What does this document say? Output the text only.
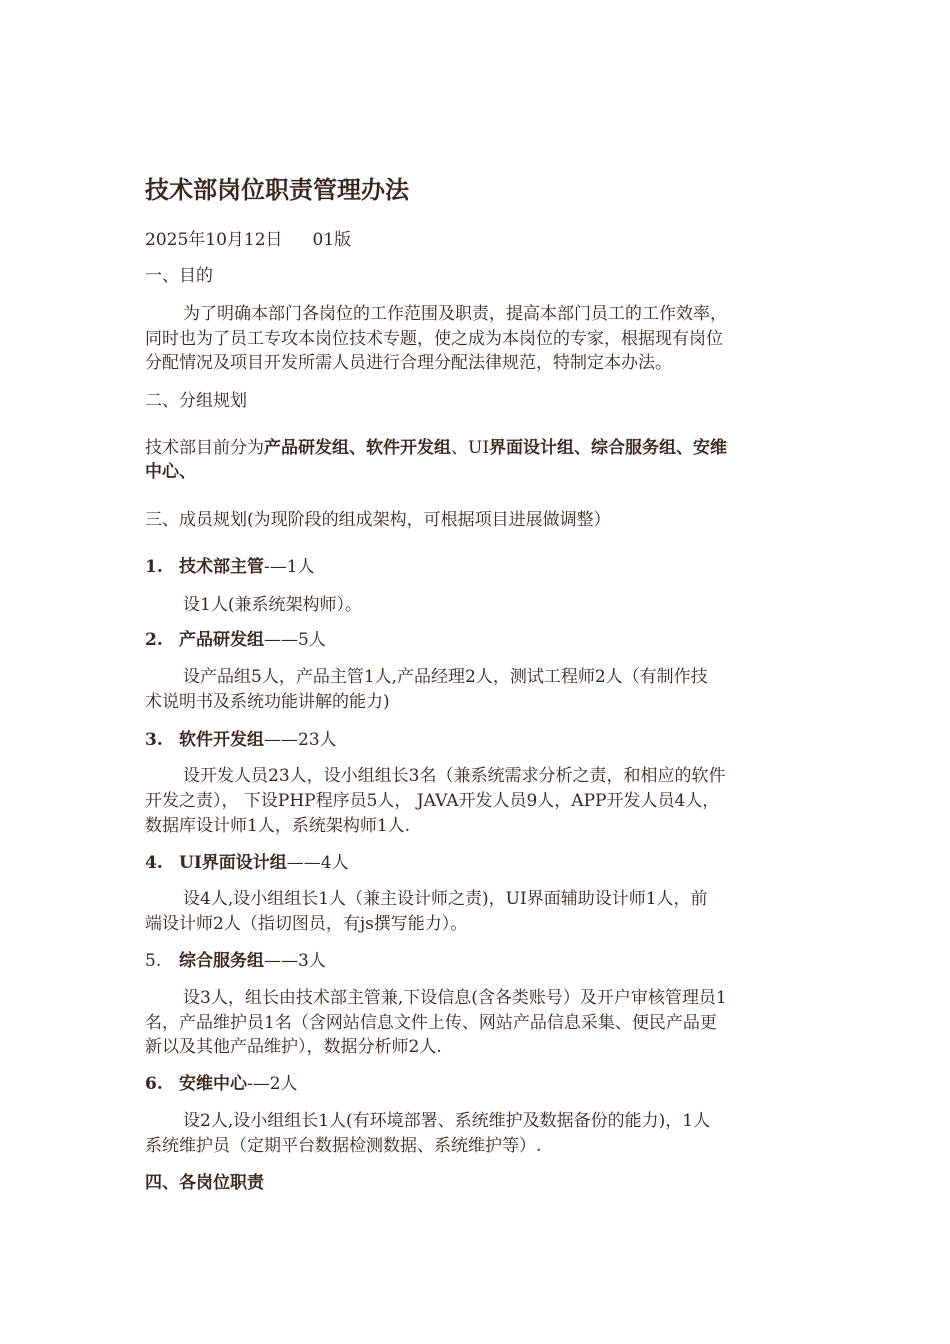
技术部岗位职责管理办法
2025年10月12日 01版
一、目的
为了明确本部门各岗位的工作范围及职责，提高本部门员工的工作效率，
同时也为了员工专攻本岗位技术专题，使之成为本岗位的专家，根据现有岗位
分配情况及项目开发所需人员进行合理分配法律规范，特制定本办法。
二、分组规划
技术部目前分为产品研发组、软件开发组、UI界面设计组、综合服务组、安维
中心、
三、成员规划(为现阶段的组成架构，可根据项目进展做调整）
1. 技术部主管-—1人
设1人(兼系统架构师）。
2. 产品研发组——5人
设产品组5人，产品主管1人,产品经理2人，测试工程师2人（有制作技
术说明书及系统功能讲解的能力)
3. 软件开发组——23人
设开发人员23人，设小组组长3名（兼系统需求分析之责，和相应的软件
开发之责）， 下设PHP程序员5人， JAVA开发人员9人，APP开发人员4人，
数据库设计师1人，系统架构师1人.
4. UI界面设计组——4人
设4人,设小组组长1人（兼主设计师之责)，UI界面辅助设计师1人，前
端设计师2人（指切图员，有js撰写能力）。
5. 综合服务组——3人
设3人，组长由技术部主管兼,下设信息(含各类账号）及开户审核管理员1
名，产品维护员1名（含网站信息文件上传、网站产品信息采集、便民产品更
新以及其他产品维护），数据分析师2人.
6. 安维中心-—2人
设2人,设小组组长1人(有环境部署、系统维护及数据备份的能力)，1人
系统维护员（定期平台数据检测数据、系统维护等）.
四、各岗位职责
